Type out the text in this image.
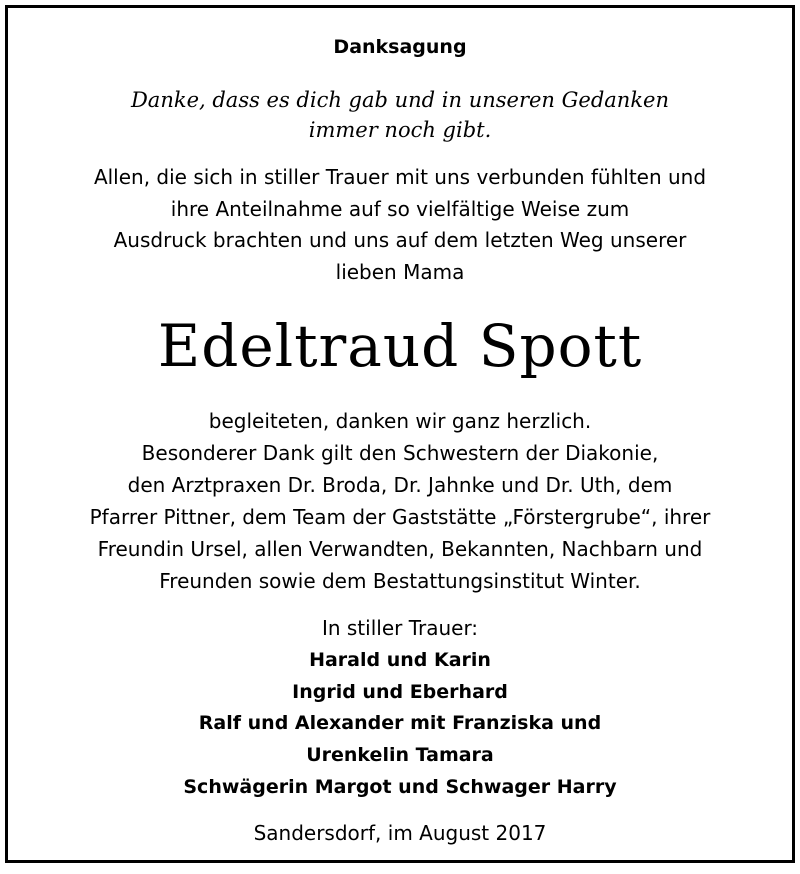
Danksagung
Danke, dass es dich gab und in unseren Gedanken
immer noch gibt.
Allen, die sich in stiller Trauer mit uns verbunden fühlten und
ihre Anteilnahme auf so vielfältige Weise zum
Ausdruck brachten und uns auf dem letzten Weg unserer
lieben Mama
Edeltraud Spott
begleiteten, danken wir ganz herzlich.
Besonderer Dank gilt den Schwestern der Diakonie,
den Arztpraxen Dr. Broda, Dr. Jahnke und Dr. Uth, dem
Pfarrer Pittner, dem Team der Gaststätte „Förstergrube“, ihrer
Freundin Ursel, allen Verwandten, Bekannten, Nachbarn und
Freunden sowie dem Bestattungsinstitut Winter.
In stiller Trauer:
Harald und Karin
Ingrid und Eberhard
Ralf und Alexander mit Franziska und
Urenkelin Tamara
Schwägerin Margot und Schwager Harry
Sandersdorf, im August 2017
